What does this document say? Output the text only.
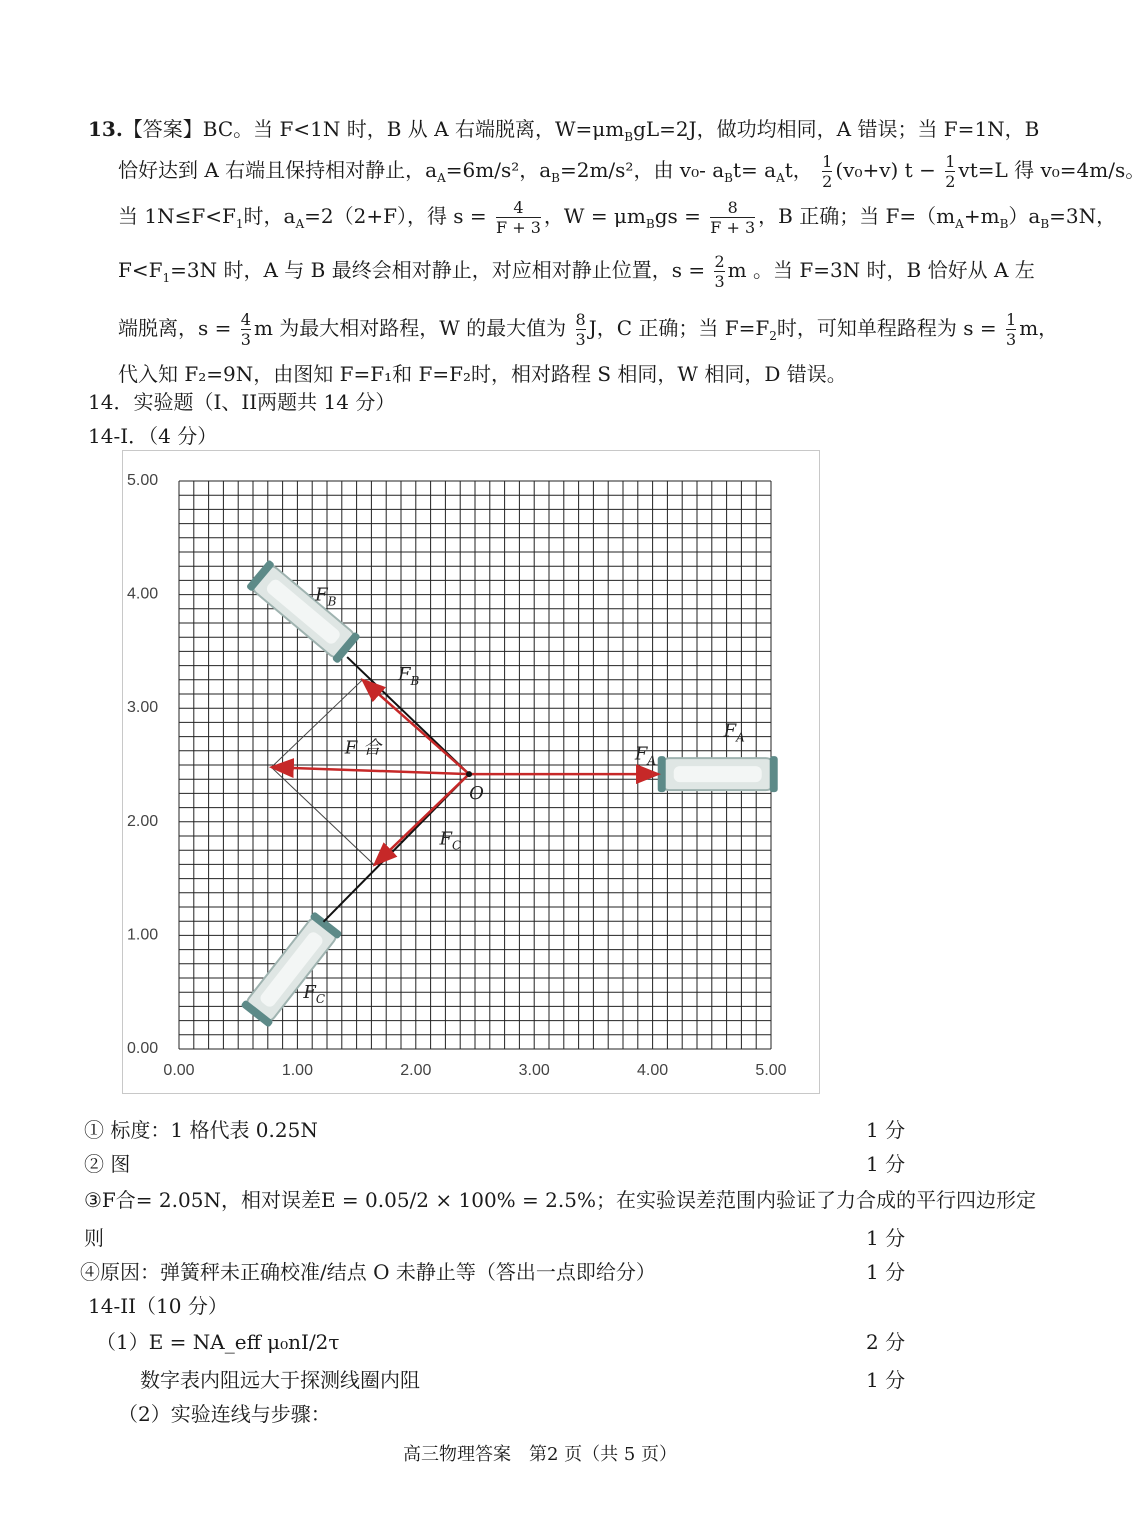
13.【答案】BC。当 F<1N 时，B 从 A 右端脱离，$W=\mu m_BgL=2J$，做功均相同，A 错误；当 F=1N，B
恰好达到 A 右端且保持相对静止，$a_A=6m/s^2$，$a_B=2m/s^2$，由 v₀- $a_Bt= a_At$， $\frac{1}{2} (v_0+v) t - \frac{1}{2} vt=L$ 得 v₀=4m/s。
当 $1N\le F<F_1$时，$a_A=2(2+F)$，得 $s = \frac{4}{F + 3}$ ，$W = \mu m_Bgs = \frac{8}{F + 3}$ ，B 正确；当 $F=(m_A+m_B)a_B=3N$，
$F<F_1=3N$ 时，A 与 B 最终会相对静止，对应相对静止位置，$s = \frac{2}{3}$ m 。当 F=3N 时，B 恰好从 A 左
端脱离，$s = \frac{4}{3}$ m 为最大相对路程，W 的最大值为 $\frac{8}{3}$ J，C 正确；当 $F=F_2$时，可知单程路程为 $s = \frac{1}{3}$ m，
代入知 F₂=9N，由图知 F=F₁和 F=F₂时，相对路程 S 相同，W 相同，D 错误。
14．实验题（I、II两题共 14 分）
14-I．（4 分）
0.00	1.00	2.00	3.00	4.00	5.00
0.00
1.00
2.00
3.00
4.00
5.00
$F_B$
$F_B$
$F_A$
$F_A$
$F_C$
$F_C$
F 合
O
① 标度：1 格代表 0.25N	1 分
② 图	1 分
③F合= 2.05N，相对误差E = 0.05/2 × 100% = 2.5%；在实验误差范围内验证了力合成的平行四边形定
则	1 分
④原因：弹簧秤未正确校准/结点 O 未静止等（答出一点即给分）	1 分
14-II（10 分）
（1）E = NA_eff μ₀nI/2τ	2 分
数字表内阻远大于探测线圈内阻	1 分
（2）实验连线与步骤：
高三物理答案　第2 页（共 5 页）
